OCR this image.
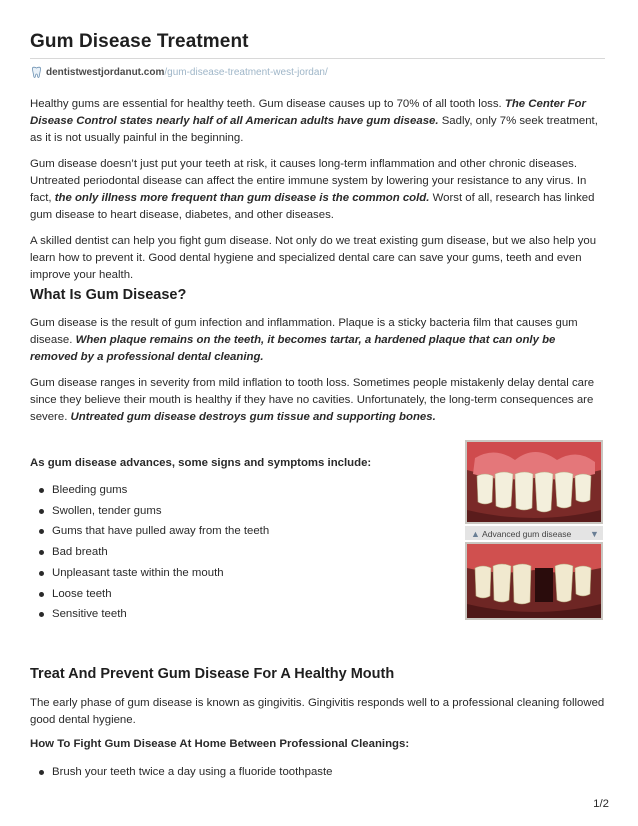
Gum Disease Treatment
dentistwestjordanut.com /gum-disease-treatment-west-jordan/

Healthy gums are essential for healthy teeth. Gum disease causes up to 70% of all tooth loss. The Center For Disease Control states nearly half of all American adults have gum disease. Sadly, only 7% seek treatment, as it is not usually painful in the beginning.

Gum disease doesn’t just put your teeth at risk, it causes long-term inflammation and other chronic diseases. Untreated periodontal disease can affect the entire immune system by lowering your resistance to any virus. In fact, the only illness more frequent than gum disease is the common cold. Worst of all, research has linked gum disease to heart disease, diabetes, and other diseases.

A skilled dentist can help you fight gum disease. Not only do we treat existing gum disease, but we also help you learn how to prevent it. Good dental hygiene and specialized dental care can save your gums, teeth and even improve your health.

What Is Gum Disease?

Gum disease is the result of gum infection and inflammation. Plaque is a sticky bacteria film that causes gum disease. When plaque remains on the teeth, it becomes tartar, a hardened plaque that can only be removed by a professional dental cleaning.

Gum disease ranges in severity from mild inflation to tooth loss. Sometimes people mistakenly delay dental care since they believe their mouth is healthy if they have no cavities. Unfortunately, the long-term consequences are severe. Untreated gum disease destroys gum tissue and supporting bones.

As gum disease advances, some signs and symptoms include:
Bleeding gums
Swollen, tender gums
Gums that have pulled away from the teeth
Bad breath
Unpleasant taste within the mouth
Loose teeth
Sensitive teeth
▲ Advanced gum disease ▼
Treat And Prevent Gum Disease For A Healthy Mouth

The early phase of gum disease is known as gingivitis. Gingivitis responds well to a professional cleaning followed good dental hygiene.

How To Fight Gum Disease At Home Between Professional Cleanings:
Brush your teeth twice a day using a fluoride toothpaste
1/2
